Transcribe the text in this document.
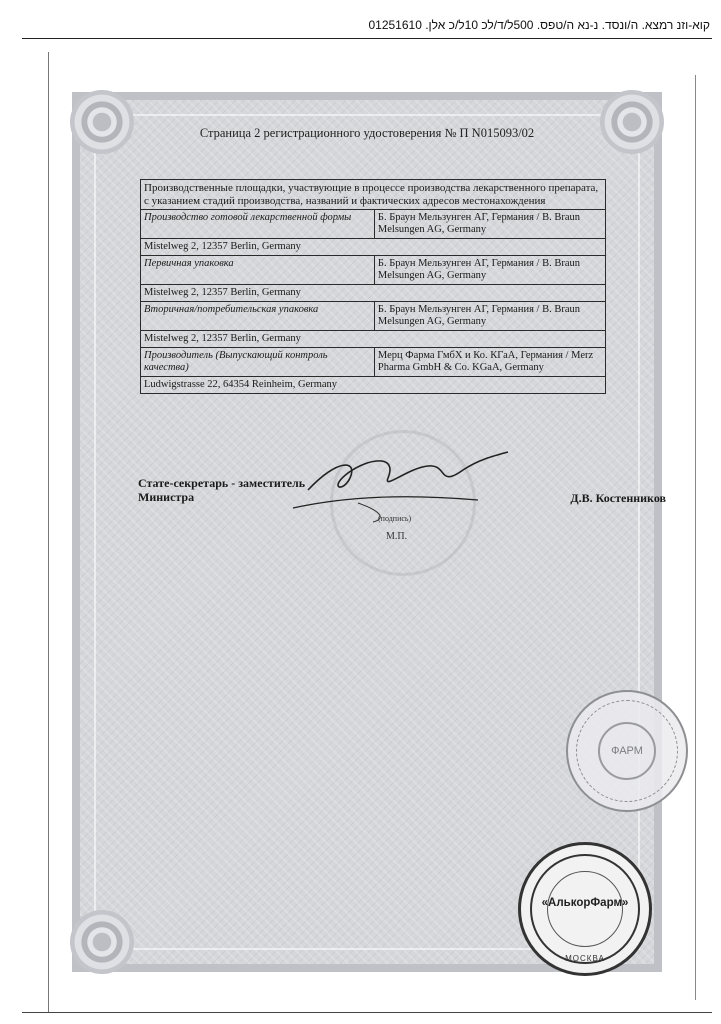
012516קוא-וזנ רמצא. ה/ונסד. נ-נא ה/טפס. 500ל/ד/לכ 10ל/כ אלן. 10
Страница 2 регистрационного удостоверения № П N015093/02
Производственные площадки, участвующие в процессе производства лекарственного препарата, с указанием стадий производства, названий и фактических адресов местонахождения	
Производство готовой лекарственной формы	Б. Браун Мельзунген АГ, Германия / B. Braun Melsungen AG, Germany
Mistelweg 2, 12357 Berlin, Germany	
Первичная упаковка	Б. Браун Мельзунген АГ, Германия / B. Braun Melsungen AG, Germany
Mistelweg 2, 12357 Berlin, Germany	
Вторичная/потребительская упаковка	Б. Браун Мельзунген АГ, Германия / B. Braun Melsungen AG, Germany
Mistelweg 2, 12357 Berlin, Germany	
Производитель (Выпускающий контроль качества)	Мерц Фарма ГмбХ и Ко. КГаА, Германия / Merz Pharma GmbH & Co. KGaA, Germany
Ludwigstrasse 22, 64354 Reinheim, Germany	
Стате-секретарь - заместитель Министра	Д.В. Костенников
(подпись)
М.П.
ФАРМ
«АлькорФарм»
МОСКВА
